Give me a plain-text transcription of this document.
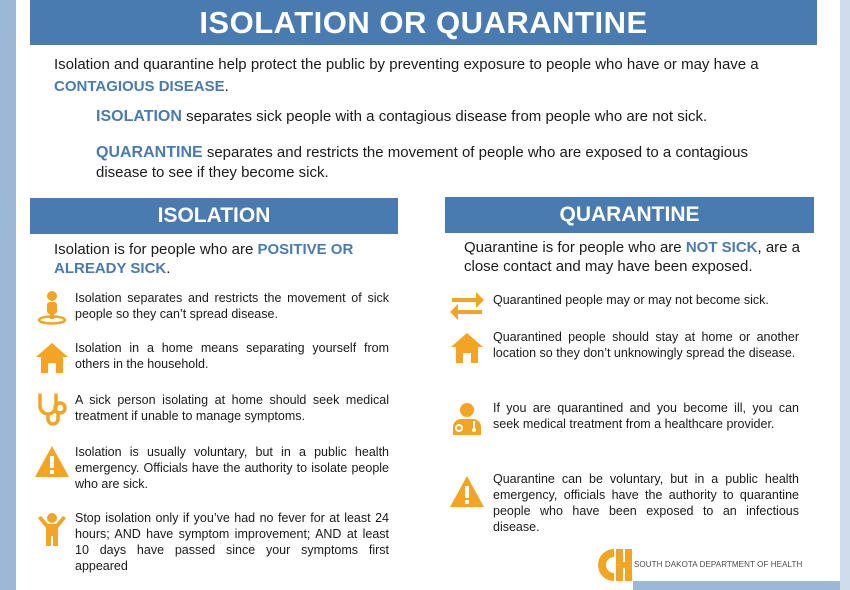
ISOLATION OR QUARANTINE

Isolation and quarantine help protect the public by preventing exposure to people who have or may have a CONTAGIOUS DISEASE.

ISOLATION separates sick people with a contagious disease from people who are not sick.

QUARANTINE separates and restricts the movement of people who are exposed to a contagious disease to see if they become sick.

ISOLATION

Isolation is for people who are POSITIVE OR ALREADY SICK.

Isolation separates and restricts the movement of sick people so they can’t spread disease.

Isolation in a home means separating yourself from others in the household.

A sick person isolating at home should seek medical treatment if unable to manage symptoms.

Isolation is usually voluntary, but in a public health emergency. Officials have the authority to isolate people who are sick.

Stop isolation only if you’ve had no fever for at least 24 hours; AND have symptom improvement; AND at least 10 days have passed since your symptoms first appeared

QUARANTINE

Quarantine is for people who are NOT SICK, are a close contact and may have been exposed.

Quarantined people may or may not become sick.

Quarantined people should stay at home or another location so they don’t unknowingly spread the disease.

If you are quarantined and you become ill, you can seek medical treatment from a healthcare provider.

Quarantine can be voluntary, but in a public health emergency, officials have the authority to quarantine people who have been exposed to an infectious disease.

SOUTH DAKOTA DEPARTMENT OF HEALTH
